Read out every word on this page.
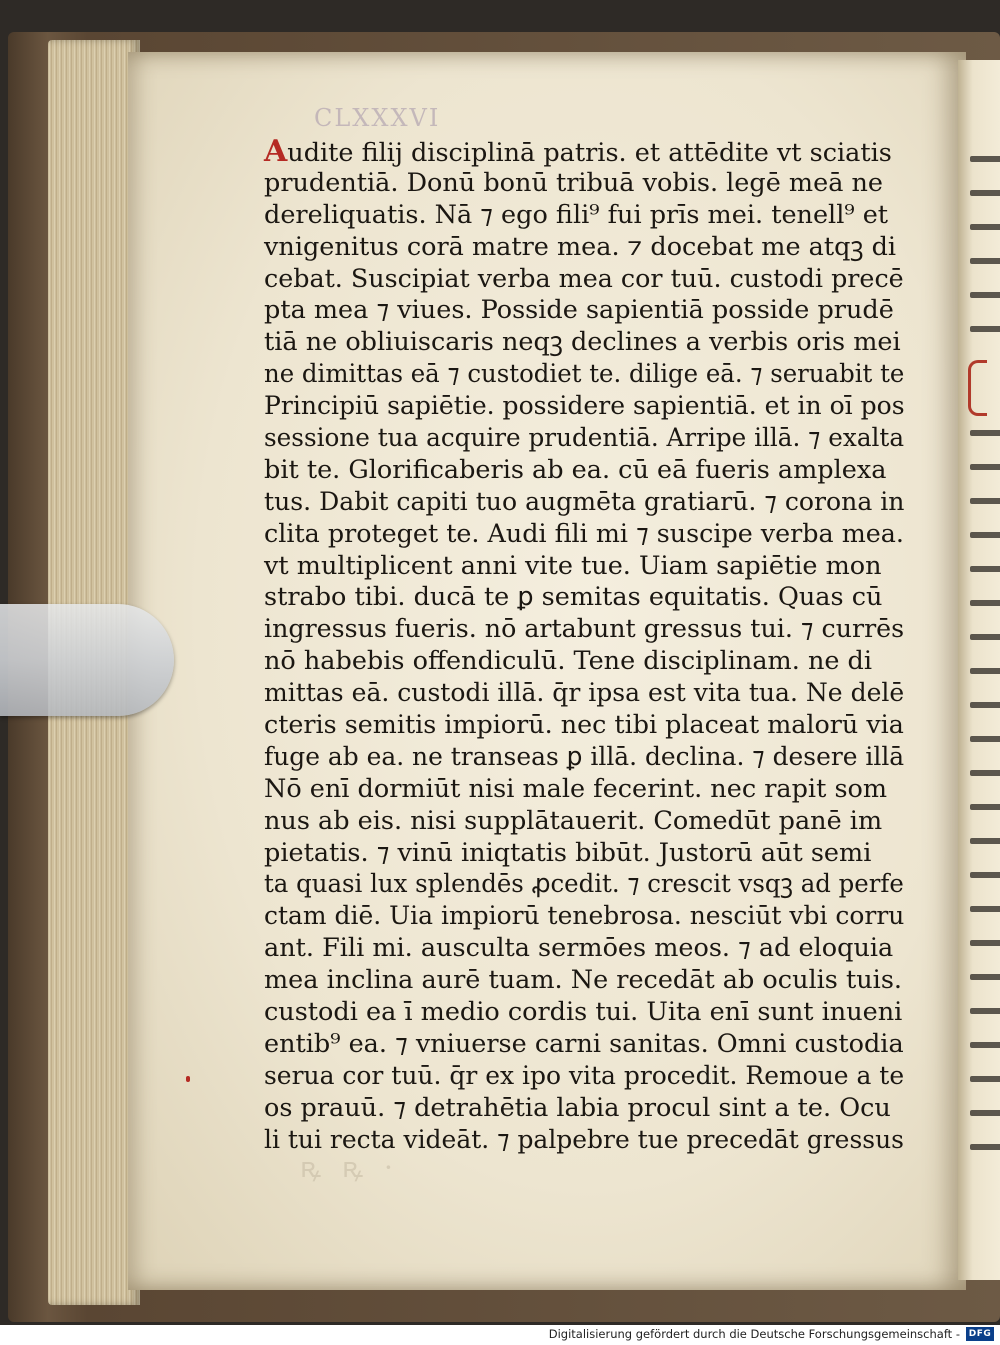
CLXXXVI
ꝶ ꝶ ·
Audite filij disciplinā patris. et attēdite vt sciatis
prudentiā. Donū bonū tribuā vobis. legē meā ne
dereliquatis. Nā ⁊ ego fili⁹ fui prīs mei. tenell⁹ et
vnigenitus corā matre mea. ⁊ docebat me atqꝫ di
cebat. Suscipiat verba mea cor tuū. custodi precē
pta mea ⁊ viues. Posside sapientiā posside prudē
tiā ne obliuiscaris neqꝫ declines a verbis oris mei
ne dimittas eā ⁊ custodiet te. dilige eā. ⁊ seruabit te
Principiū sapiētie. possidere sapientiā. et in oī pos
sessione tua acquire prudentiā. Arripe illā. ⁊ exalta
bit te. Glorificaberis ab ea. cū eā fueris amplexa
tus. Dabit capiti tuo augmēta gratiarū. ⁊ corona in
clita proteget te. Audi fili mi ⁊ suscipe verba mea.
vt multiplicent anni vite tue. Uiam sapiētie mon
strabo tibi. ducā te ꝑ semitas equitatis. Quas cū
ingressus fueris. nō artabunt gressus tui. ⁊ currēs
nō habebis offendiculū. Tene disciplinam. ne di
mittas eā. custodi illā. q̄r ipsa est vita tua. Ne delē
cteris semitis impiorū. nec tibi placeat malorū via
fuge ab ea. ne transeas ꝑ illā. declina. ⁊ desere illā
Nō enī dormiūt nisi male fecerint. nec rapit som
nus ab eis. nisi supplātauerit. Comedūt panē im
pietatis. ⁊ vinū iniqtatis bibūt. Justorū aūt semi
ta quasi lux splendēs ꝓcedit. ⁊ crescit vsqꝫ ad perfe
ctam diē. Uia impiorū tenebrosa. nesciūt vbi corru
ant. Fili mi. ausculta sermōes meos. ⁊ ad eloquia
mea inclina aurē tuam. Ne recedāt ab oculis tuis.
custodi ea ī medio cordis tui. Uita enī sunt inueni
entib⁹ ea. ⁊ vniuerse carni sanitas. Omni custodia
serua cor tuū. q̄r ex ipo vita procedit. Remoue a te
os prauū. ⁊ detrahētia labia procul sint a te. Ocu
li tui recta videāt. ⁊ palpebre tue precedāt gressus
Digitalisierung gefördert durch die Deutsche Forschungsgemeinschaft - DFG
